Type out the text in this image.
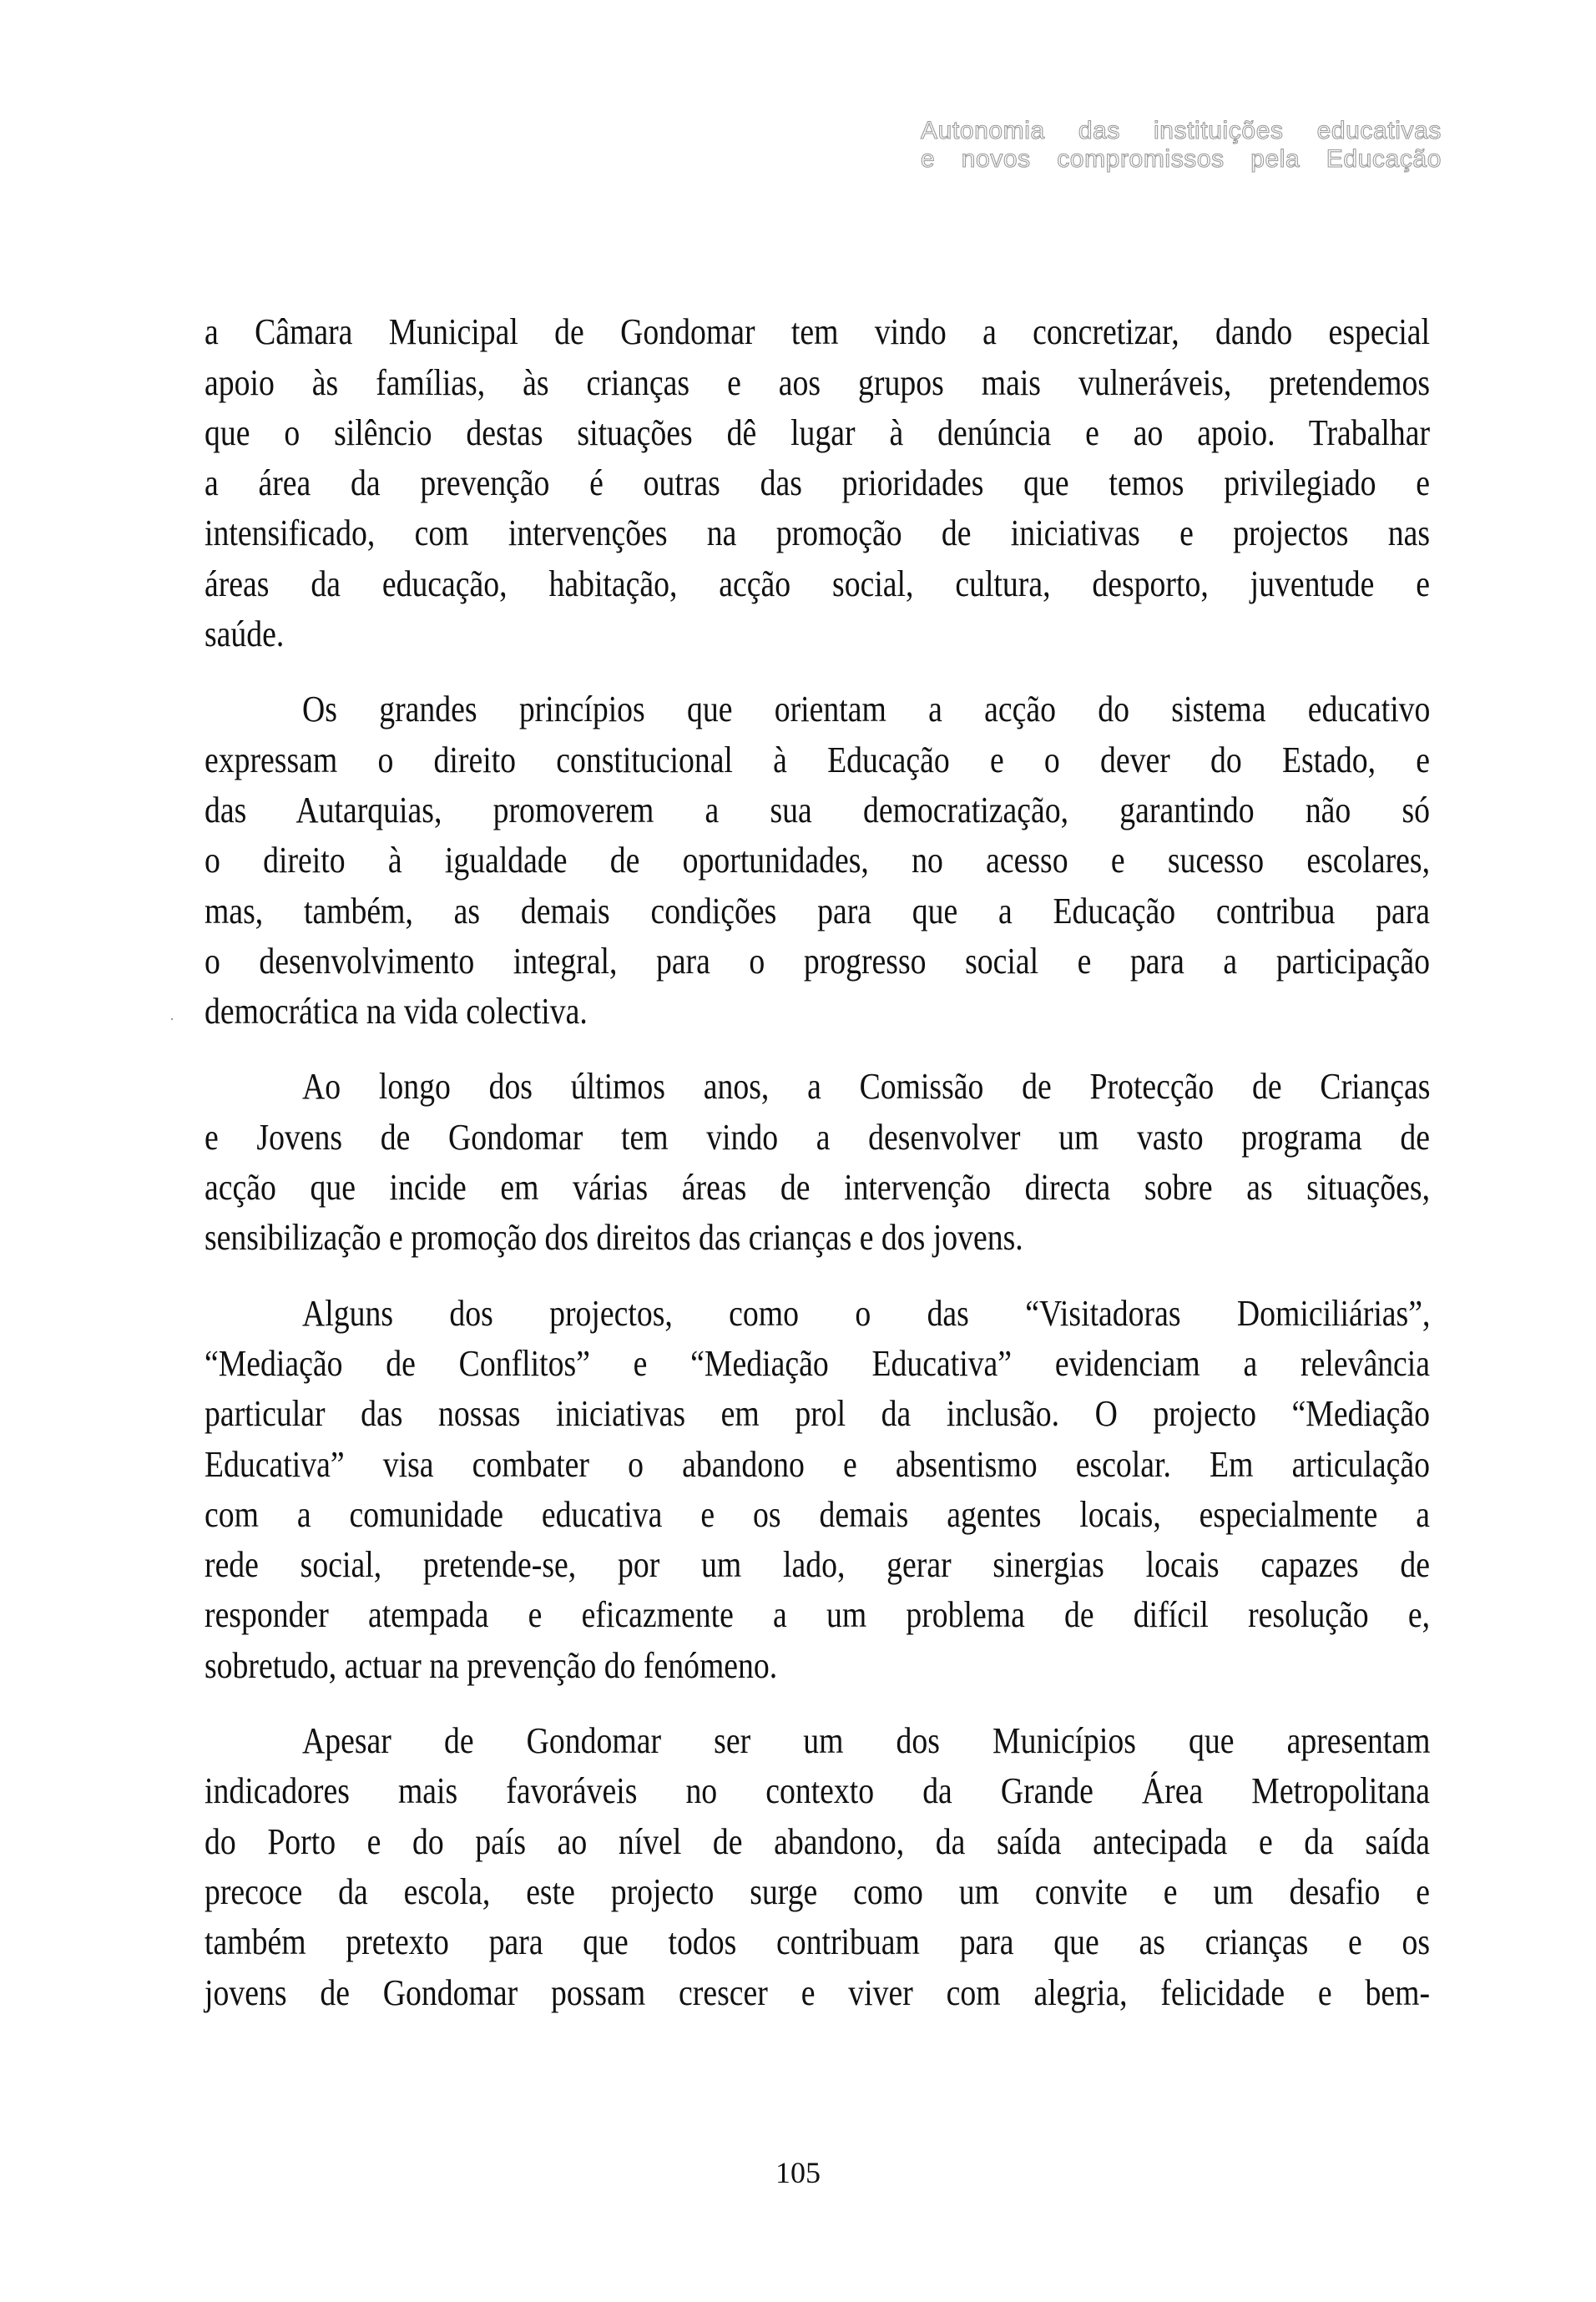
Autonomia das instituições educativas
e novos compromissos pela Educação
a Câmara Municipal de Gondomar tem vindo a concretizar, dando especial
apoio às famílias, às crianças e aos grupos mais vulneráveis, pretendemos
que o silêncio destas situações dê lugar à denúncia e ao apoio. Trabalhar
a área da prevenção é outras das prioridades que temos privilegiado e
intensificado, com intervenções na promoção de iniciativas e projectos nas
áreas da educação, habitação, acção social, cultura, desporto, juventude e
saúde.
Os grandes princípios que orientam a acção do sistema educativo
expressam o direito constitucional à Educação e o dever do Estado, e
das Autarquias, promoverem a sua democratização, garantindo não só
o direito à igualdade de oportunidades, no acesso e sucesso escolares,
mas, também, as demais condições para que a Educação contribua para
o desenvolvimento integral, para o progresso social e para a participação
democrática na vida colectiva.
Ao longo dos últimos anos, a Comissão de Protecção de Crianças
e Jovens de Gondomar tem vindo a desenvolver um vasto programa de
acção que incide em várias áreas de intervenção directa sobre as situações,
sensibilização e promoção dos direitos das crianças e dos jovens.
Alguns dos projectos, como o das “Visitadoras Domiciliárias”,
“Mediação de Conflitos” e “Mediação Educativa” evidenciam a relevância
particular das nossas iniciativas em prol da inclusão. O projecto “Mediação
Educativa” visa combater o abandono e absentismo escolar. Em articulação
com a comunidade educativa e os demais agentes locais, especialmente a
rede social, pretende-se, por um lado, gerar sinergias locais capazes de
responder atempada e eficazmente a um problema de difícil resolução e,
sobretudo, actuar na prevenção do fenómeno.
Apesar de Gondomar ser um dos Municípios que apresentam
indicadores mais favoráveis no contexto da Grande Área Metropolitana
do Porto e do país ao nível de abandono, da saída antecipada e da saída
precoce da escola, este projecto surge como um convite e um desafio e
também pretexto para que todos contribuam para que as crianças e os
jovens de Gondomar possam crescer e viver com alegria, felicidade e bem-
105
